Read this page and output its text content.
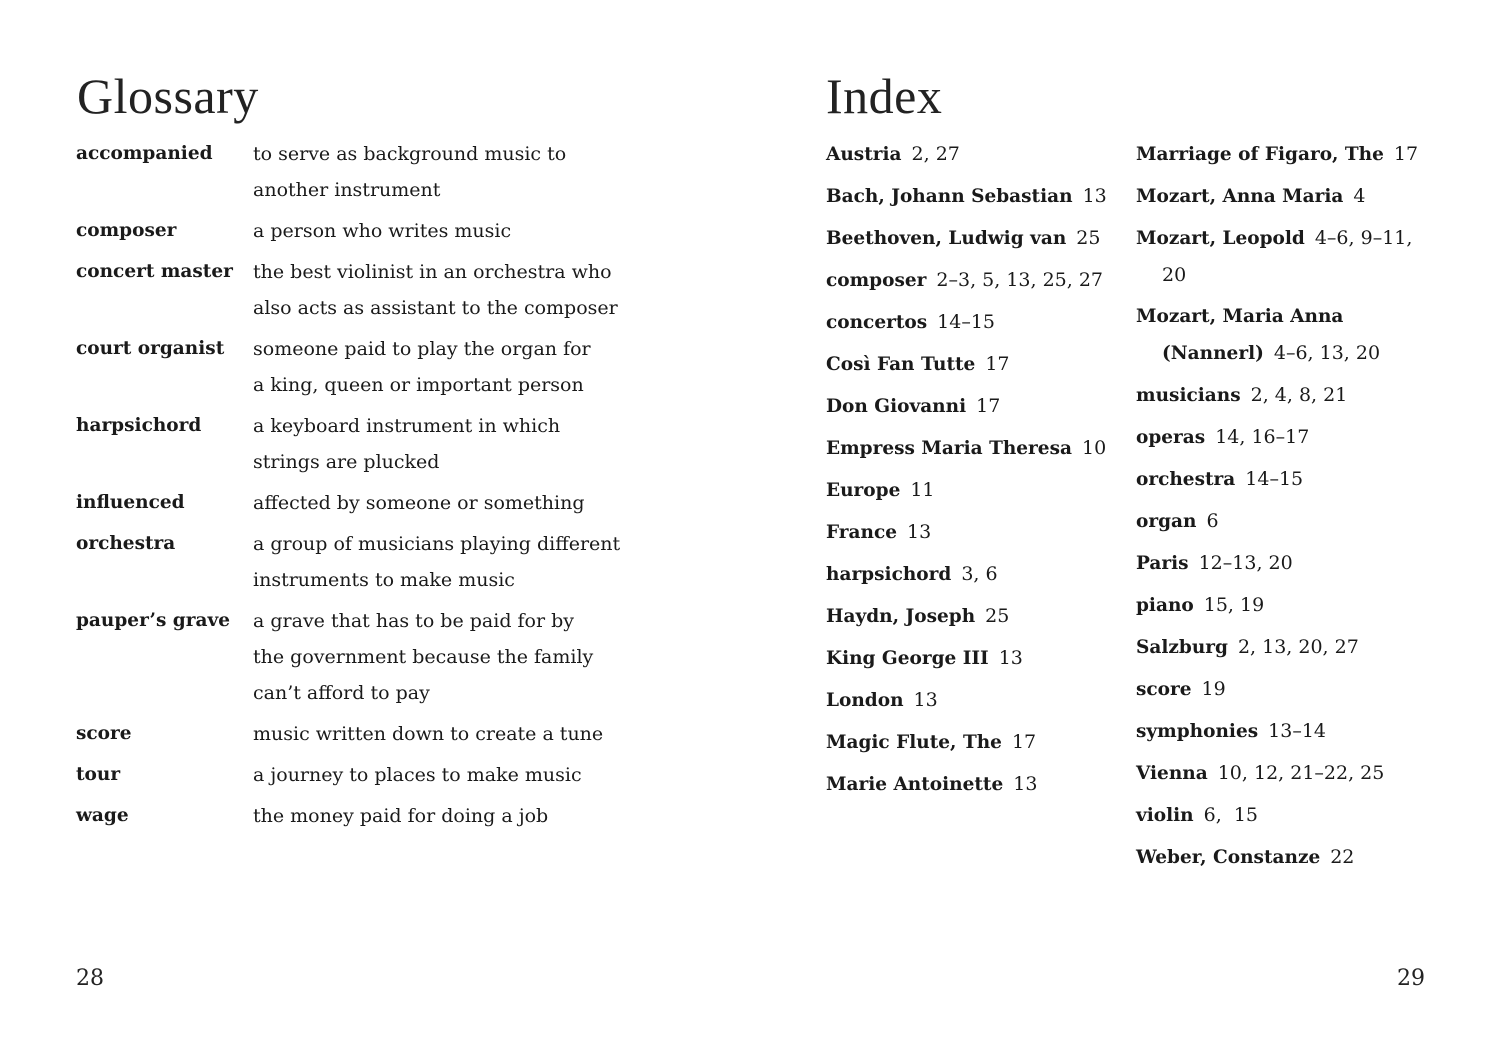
Glossary
accompanied	to serve as background music to
another instrument
composer	a person who writes music
concert master	the best violinist in an orchestra who
also acts as assistant to the composer
court organist	someone paid to play the organ for
a king, queen or important person
harpsichord	a keyboard instrument in which
strings are plucked
influenced	affected by someone or something
orchestra	a group of musicians playing different
instruments to make music
pauper’s grave	a grave that has to be paid for by
the government because the family
can’t afford to pay
score	music written down to create a tune
tour	a journey to places to make music
wage	the money paid for doing a job
28
Index
Austria 2, 27
Bach, Johann Sebastian 13
Beethoven, Ludwig van 25
composer 2–3, 5, 13, 25, 27
concertos 14–15
Così Fan Tutte 17
Don Giovanni 17
Empress Maria Theresa 10
Europe 11
France 13
harpsichord 3, 6
Haydn, Joseph 25
King George III 13
London 13
Magic Flute, The 17
Marie Antoinette 13
Marriage of Figaro, The 17
Mozart, Anna Maria 4
Mozart, Leopold 4–6, 9–11, 20
Mozart, Maria Anna (Nannerl) 4–6, 13, 20
musicians 2, 4, 8, 21
operas 14, 16–17
orchestra 14–15
organ 6
Paris 12–13, 20
piano 15, 19
Salzburg 2, 13, 20, 27
score 19
symphonies 13–14
Vienna 10, 12, 21–22, 25
violin 6,  15
Weber, Constanze 22
29
